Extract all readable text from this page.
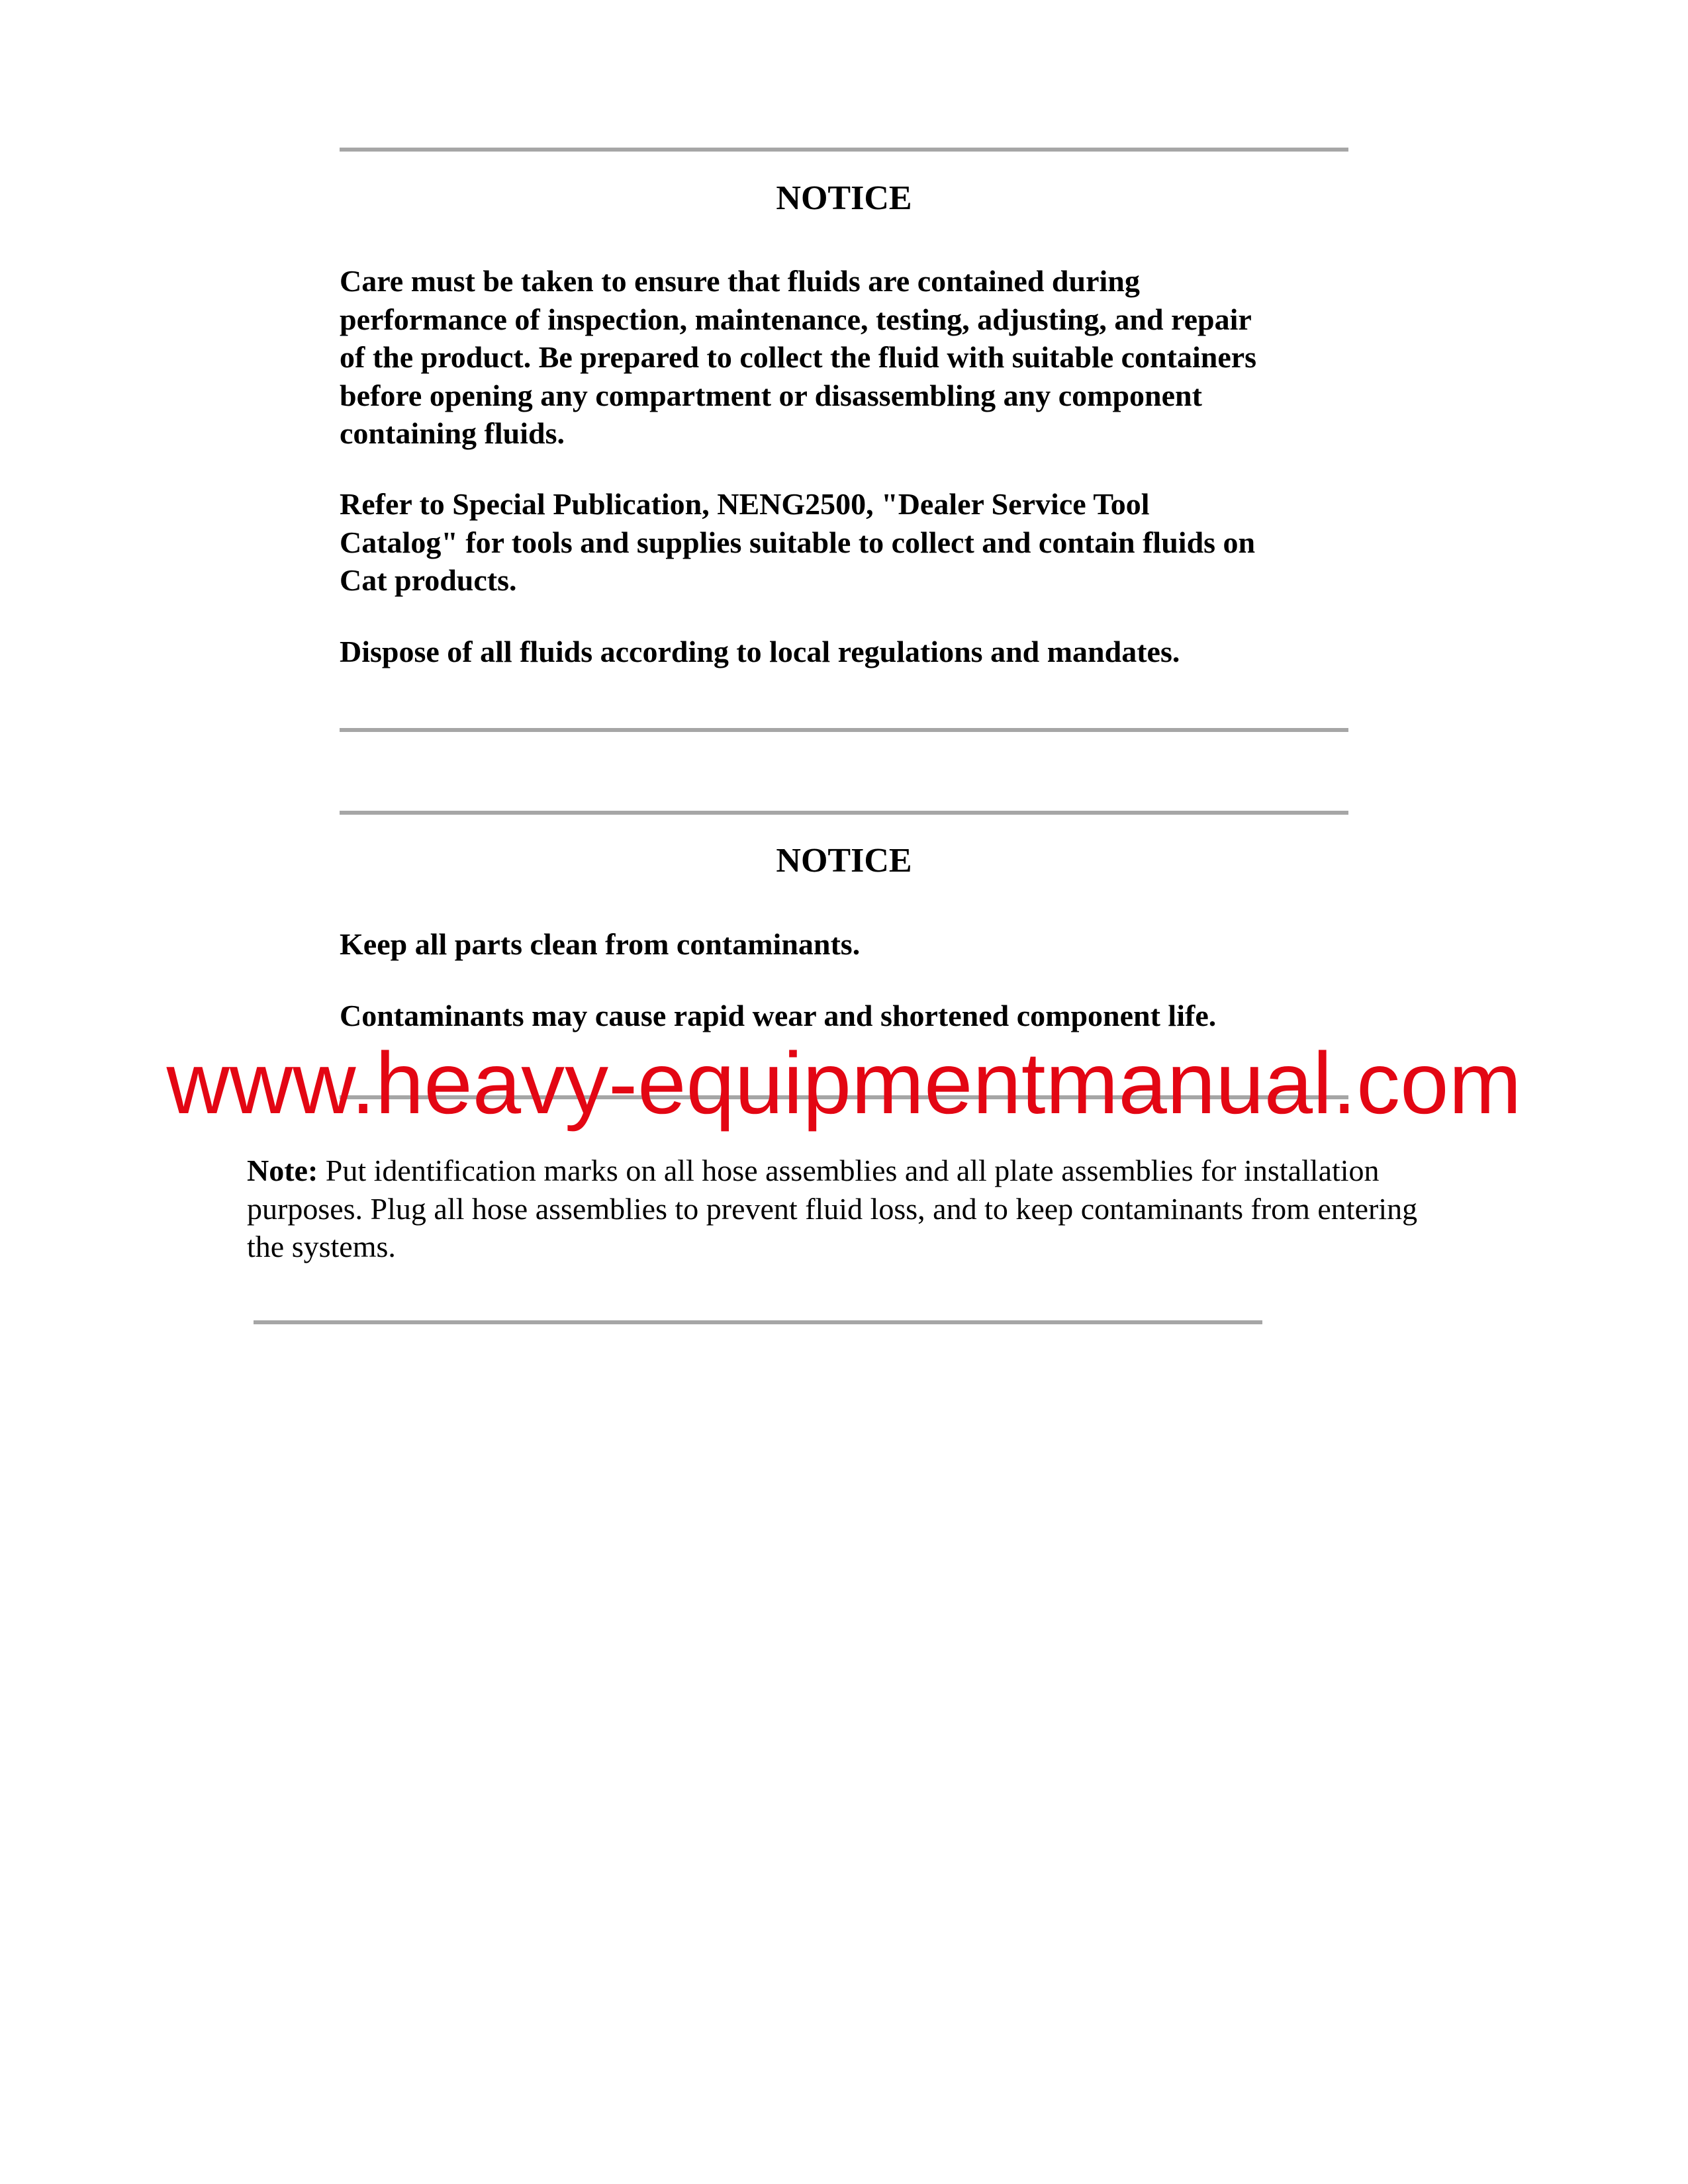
NOTICE

Care must be taken to ensure that fluids are contained during
performance of inspection, maintenance, testing, adjusting, and repair
of the product. Be prepared to collect the fluid with suitable containers
before opening any compartment or disassembling any component
containing fluids.

Refer to Special Publication, NENG2500, "Dealer Service Tool
Catalog" for tools and supplies suitable to collect and contain fluids on
Cat products.

Dispose of all fluids according to local regulations and mandates.

NOTICE

Keep all parts clean from contaminants.

Contaminants may cause rapid wear and shortened component life.

www.heavy-equipmentmanual.com

Note: Put identification marks on all hose assemblies and all plate assemblies for installation
purposes. Plug all hose assemblies to prevent fluid loss, and to keep contaminants from entering
the systems.
